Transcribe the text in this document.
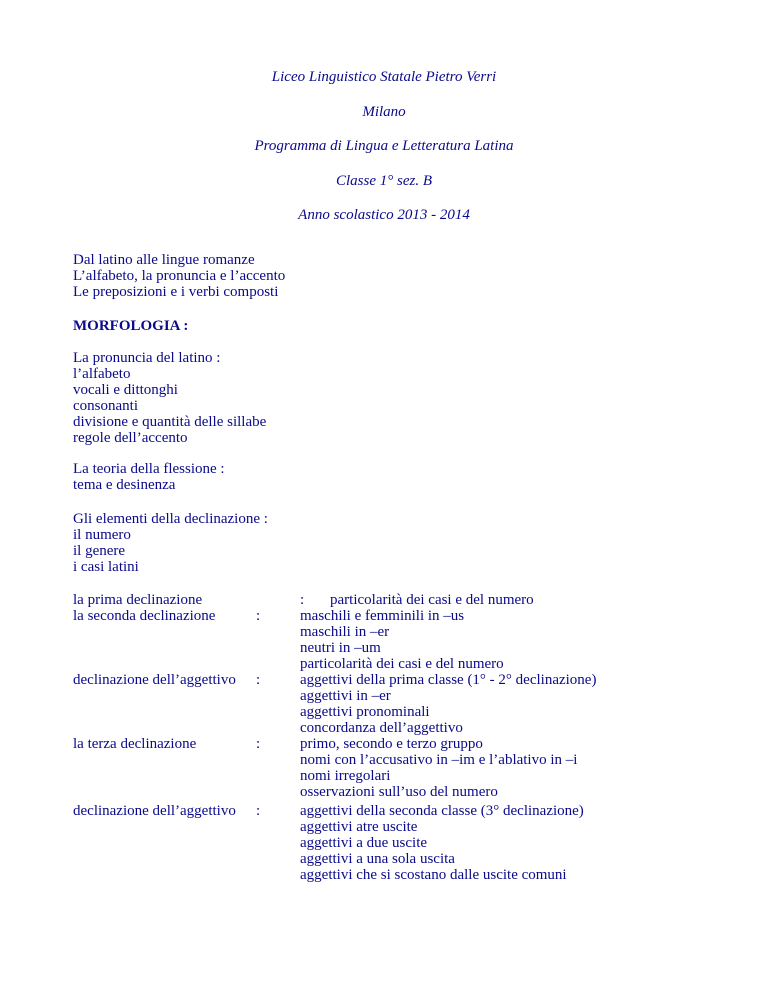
Liceo Linguistico Statale Pietro Verri
Milano
Programma di Lingua e Letteratura Latina
Classe 1° sez. B
Anno scolastico 2013 - 2014
Dal latino alle lingue romanze
L’alfabeto, la pronuncia e l’accento
Le preposizioni e i verbi composti
MORFOLOGIA :
La pronuncia del latino :
l’alfabeto
vocali e dittonghi
consonanti
divisione e quantità delle sillabe
regole dell’accento
La teoria della flessione :
tema e desinenza
Gli elementi della declinazione :
il numero
il genere
i casi latini
la prima declinazione	: particolarità dei casi e del numero
la seconda declinazione	:	maschili e femminili in –us
maschili in –er
neutri in –um
particolarità dei casi e del numero
declinazione dell’aggettivo :	aggettivi della prima classe (1° - 2° declinazione)
aggettivi in –er
aggettivi pronominali
concordanza dell’aggettivo
la terza declinazione	:	primo, secondo e terzo gruppo
nomi con l’accusativo in –im e l’ablativo in –i
nomi irregolari
osservazioni sull’uso del numero
declinazione dell’aggettivo :	aggettivi della seconda classe (3° declinazione)
aggettivi atre uscite
aggettivi a due uscite
aggettivi a una sola uscita
aggettivi che si scostano dalle uscite comuni
